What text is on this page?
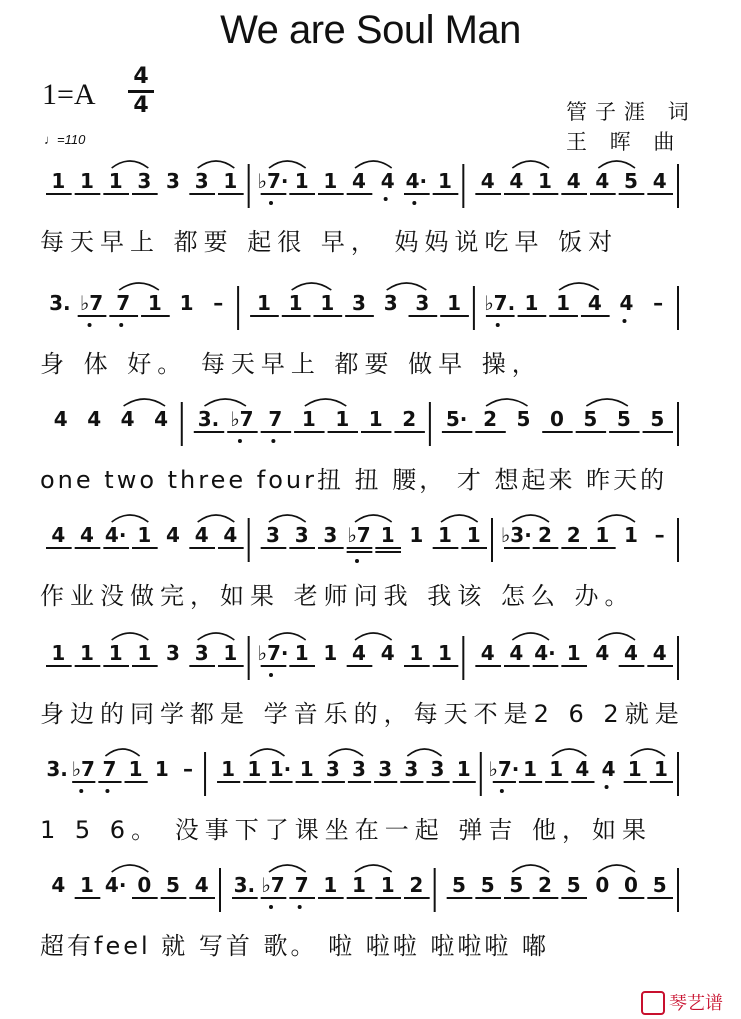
We are Soul Man
1=A
4
4
♩=110
管子涯 词
王 晖 曲
1 1 1 3 3 3 1 ♭7· 1 1 4 4 4· 1 4 4 1 4 4 5 4
每天早上 都要 起很 早， 妈妈说吃早 饭对
3. ♭7 7 1 1 – 1 1 1 3 3 3 1 ♭7. 1 1 4 4 –
身 体 好。 每天早上 都要 做早 操，
4 4 4 4 3. ♭7 7 1 1 1 2 5· 2 5 0 5 5 5
one two three four扭 扭 腰， 才 想起来 昨天的
4 4 4· 1 4 4 4 3 3 3 ♭7 1 1 1 1 ♭3· 2 2 1 1 –
作业没做完，如果 老师问我 我该 怎么 办。
1 1 1 1 3 3 1 ♭7· 1 1 4 4 1 1 4 4 4· 1 4 4 4
身边的同学都是 学音乐的，每天不是2 6 2就是
3. ♭7 7 1 1 – 1 1 1· 1 3 3 3 3 3 1 ♭7· 1 1 4 4 1 1
1 5 6。 没事下了课坐在一起 弹吉 他，如果
4 1 4· 0 5 4 3. ♭7 7 1 1 1 2 5 5 5 2 5 0 0 5
超有feel 就 写首 歌。 啦 啦啦 啦啦啦 嘟
琴艺谱
